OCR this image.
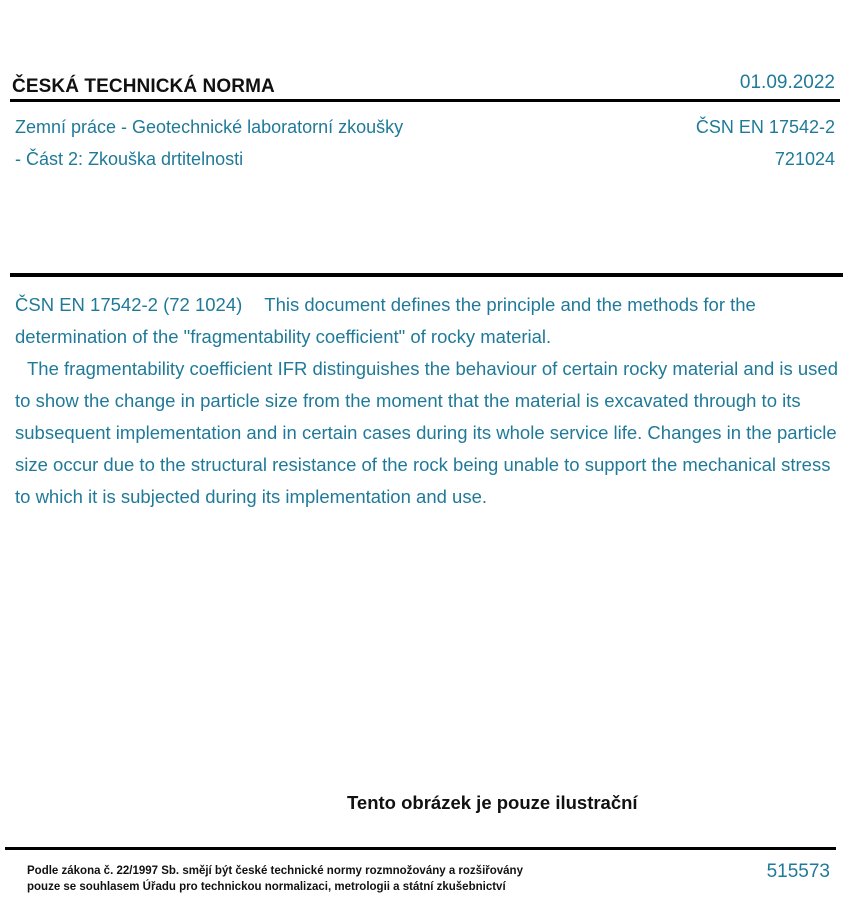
ČESKÁ TECHNICKÁ NORMA	01.09.2022
Zemní práce - Geotechnické laboratorní zkoušky
- Část 2: Zkouška drtitelnosti
ČSN EN 17542-2
721024

ČSN EN 17542-2 (72 1024) This document defines the principle and the methods for the determination of the "fragmentability coefficient" of rocky material.

The fragmentability coefficient IFR distinguishes the behaviour of certain rocky material and is used to show the change in particle size from the moment that the material is excavated through to its subsequent implementation and in certain cases during its whole service life. Changes in the particle size occur due to the structural resistance of the rock being unable to support the mechanical stress to which it is subjected during its implementation and use.

Tento obrázek je pouze ilustrační
Podle zákona č. 22/1997 Sb. smějí být české technické normy rozmnožovány a rozšiřovány
pouze se souhlasem Úřadu pro technickou normalizaci, metrologii a státní zkušebnictví
515573
